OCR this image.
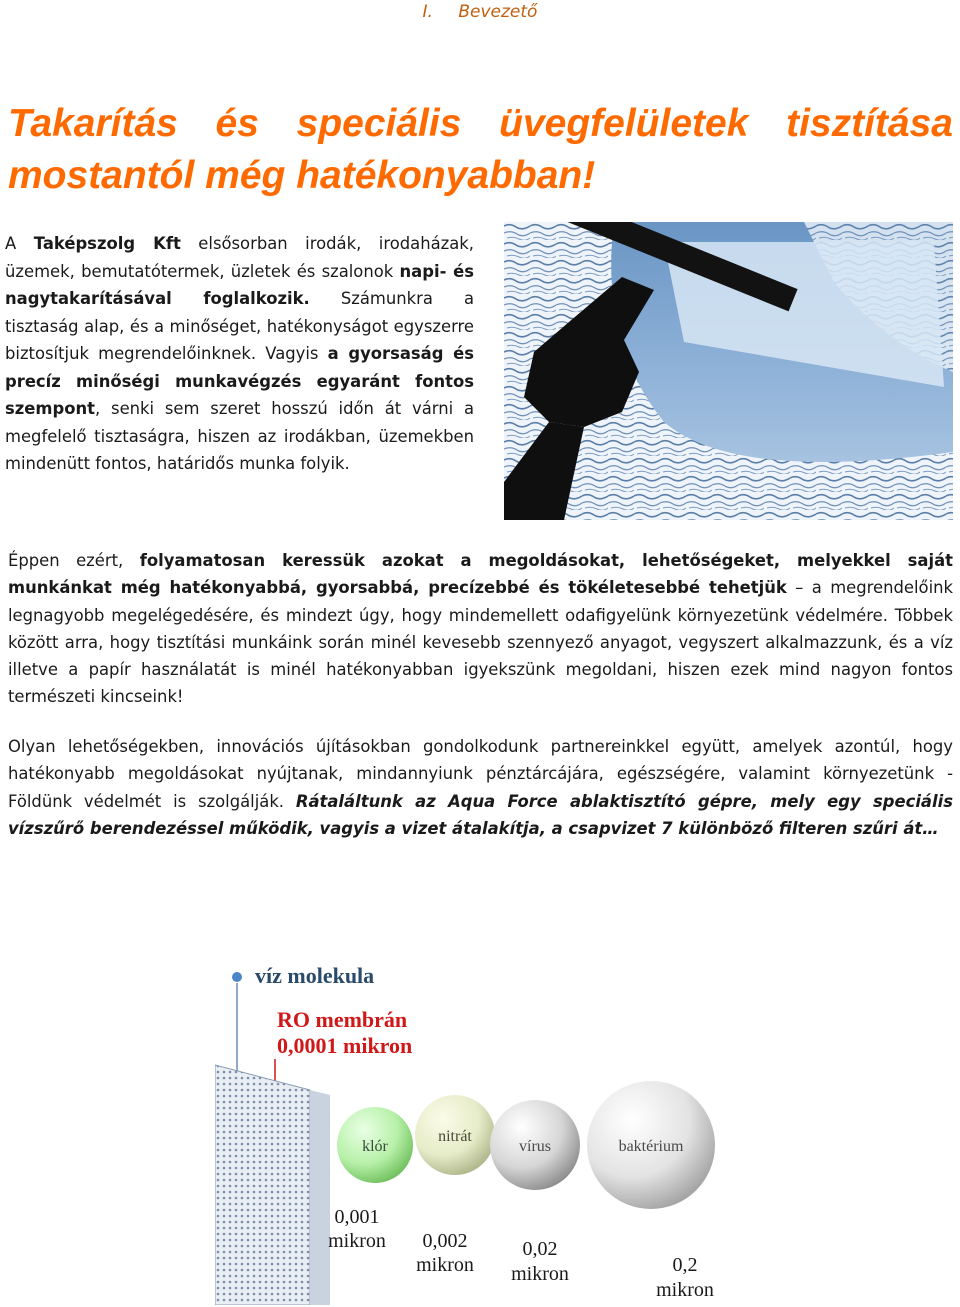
I. Bevezető
Takarítás és speciális üvegfelületek tisztítása mostantól még hatékonyabban!

A Taképszolg Kft elsősorban irodák, irodaházak, üzemek, bemutatótermek, üzletek és szalonok napi- és nagytakarításával foglalkozik. Számunkra a tisztaság alap, és a minőséget, hatékonyságot egyszerre biztosítjuk megrendelőinknek. Vagyis a gyorsaság és precíz minőségi munkavégzés egyaránt fontos szempont, senki sem szeret hosszú időn át várni a megfelelő tisztaságra, hiszen az irodákban, üzemekben mindenütt fontos, határidős munka folyik.

Éppen ezért, folyamatosan keressük azokat a megoldásokat, lehetőségeket, melyekkel saját munkánkat még hatékonyabbá, gyorsabbá, precízebbé és tökéletesebbé tehetjük – a megrendelőink legnagyobb megelégedésére, és mindezt úgy, hogy mindemellett odafigyelünk környezetünk védelmére. Többek között arra, hogy tisztítási munkáink során minél kevesebb szennyező anyagot, vegyszert alkalmazzunk, és a víz illetve a papír használatát is minél hatékonyabban igyekszünk megoldani, hiszen ezek mind nagyon fontos természeti kincseink!

Olyan lehetőségekben, innovációs újításokban gondolkodunk partnereinkkel együtt, amelyek azontúl, hogy hatékonyabb megoldásokat nyújtanak, mindannyiunk pénztárcájára, egészségére, valamint környezetünk - Földünk védelmét is szolgálják. Rátaláltunk az Aqua Force ablaktisztító gépre, mely egy speciális vízszűrő berendezéssel működik, vagyis a vizet átalakítja, a csapvizet 7 különböző filteren szűri át…

víz molekula
RO membrán
0,0001 mikron
klór
0,001
mikron
nitrát
0,002
mikron
vírus
0,02
mikron
baktérium
0,2
mikron
